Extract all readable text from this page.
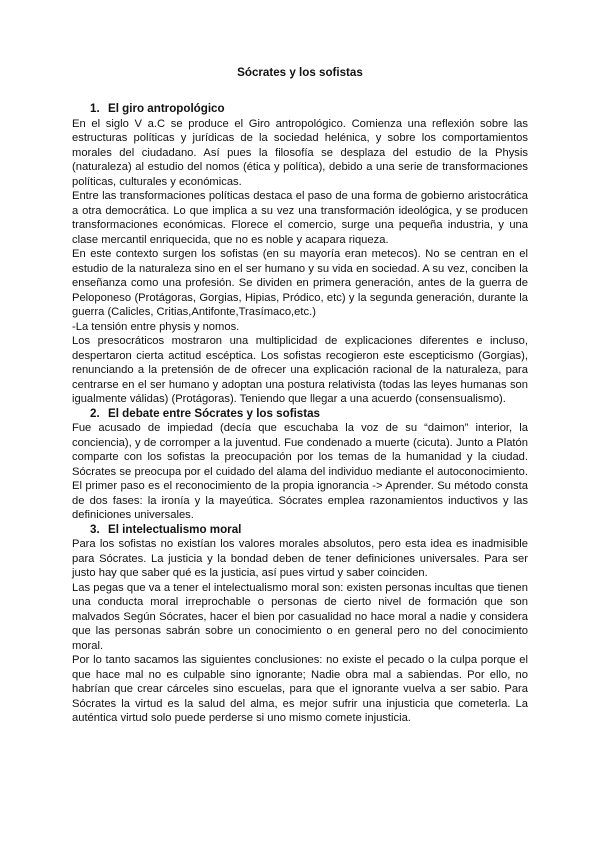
Sócrates y los sofistas
1. El giro antropológico

En el siglo V a.C se produce el Giro antropológico. Comienza una reflexión sobre las estructuras políticas y jurídicas de la sociedad helénica, y sobre los comportamientos morales del ciudadano. Así pues la filosofía se desplaza del estudio de la Physis (naturaleza) al estudio del nomos (ética y política), debido a una serie de transformaciones políticas, culturales y económicas.

Entre las transformaciones políticas destaca el paso de una forma de gobierno aristocrática a otra democrática. Lo que implica a su vez una transformación ideológica, y se producen transformaciones económicas. Florece el comercio, surge una pequeña industria, y una clase mercantil enriquecida, que no es noble y acapara riqueza.

En este contexto surgen los sofistas (en su mayoría eran metecos). No se centran en el estudio de la naturaleza sino en el ser humano y su vida en sociedad. A su vez, conciben la enseñanza como una profesión. Se dividen en primera generación, antes de la guerra de Peloponeso (Protágoras, Gorgias, Hipias, Pródico, etc) y la segunda generación, durante la guerra (Calicles, Critias,Antifonte,Trasímaco,etc.)

-La tensión entre physis y nomos.

Los presocráticos mostraron una multiplicidad de explicaciones diferentes e incluso, despertaron cierta actitud escéptica. Los sofistas recogieron este escepticismo (Gorgias), renunciando a la pretensión de de ofrecer una explicación racional de la naturaleza, para centrarse en el ser humano y adoptan una postura relativista (todas las leyes humanas son igualmente válidas) (Protágoras). Teniendo que llegar a una acuerdo (consensualismo).

2. El debate entre Sócrates y los sofistas

Fue acusado de impiedad (decía que escuchaba la voz de su “daimon” interior, la conciencia), y de corromper a la juventud. Fue condenado a muerte (cicuta). Junto a Platón comparte con los sofistas la preocupación por los temas de la humanidad y la ciudad. Sócrates se preocupa por el cuidado del alama del individuo mediante el autoconocimiento. El primer paso es el reconocimiento de la propia ignorancia -> Aprender. Su método consta de dos fases: la ironía y la mayeútica. Sócrates emplea razonamientos inductivos y las definiciones universales.

3. El intelectualismo moral

Para los sofistas no existían los valores morales absolutos, pero esta idea es inadmisible para Sócrates. La justicia y la bondad deben de tener definiciones universales. Para ser justo hay que saber qué es la justicia, así pues virtud y saber coinciden.

Las pegas que va a tener el intelectualismo moral son: existen personas incultas que tienen una conducta moral irreprochable o personas de cierto nivel de formación que son malvados Según Sócrates, hacer el bien por casualidad no hace moral a nadie y considera que las personas sabrán sobre un conocimiento o en general pero no del conocimiento moral.

Por lo tanto sacamos las siguientes conclusiones: no existe el pecado o la culpa porque el que hace mal no es culpable sino ignorante; Nadie obra mal a sabiendas. Por ello, no habrían que crear cárceles sino escuelas, para que el ignorante vuelva a ser sabio. Para Sócrates la virtud es la salud del alma, es mejor sufrir una injusticia que cometerla. La auténtica virtud solo puede perderse si uno mismo comete injusticia.
